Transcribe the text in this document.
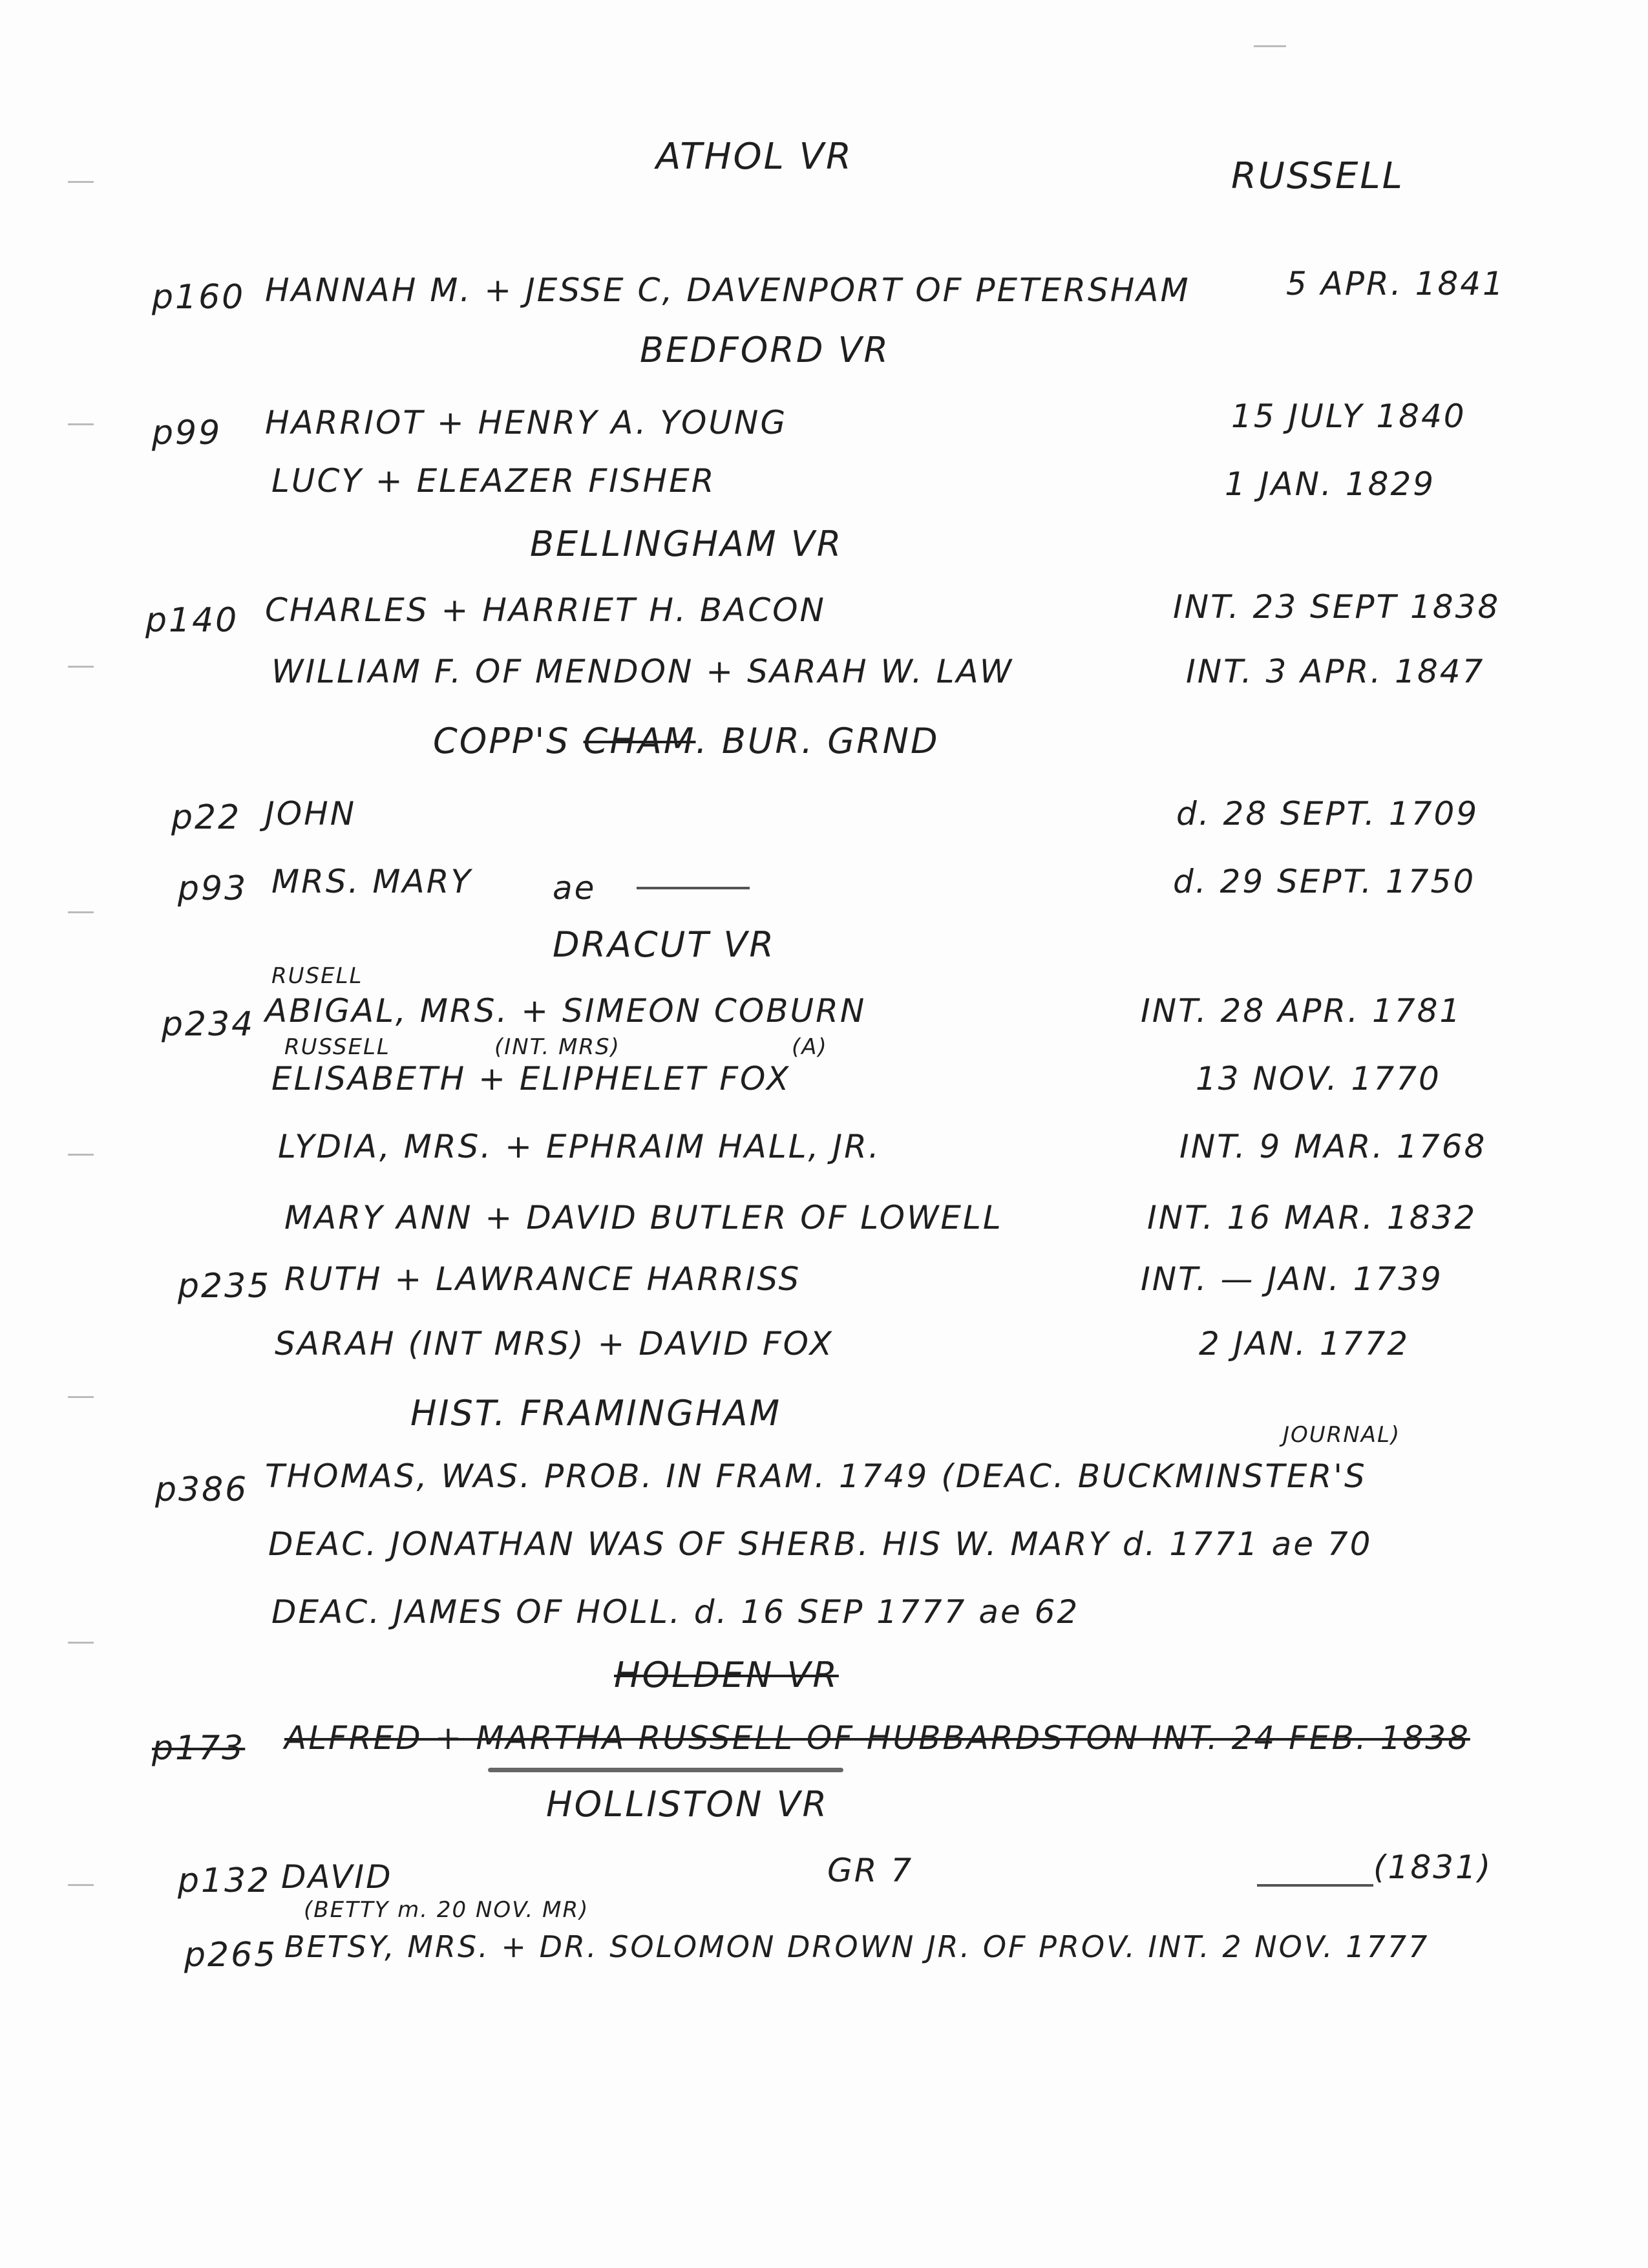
ATHOL VR	RUSSELL
p160 HANNAH M. + JESSE C, DAVENPORT OF PETERSHAM	5 APR. 1841
BEDFORD VR
p99 HARRIOT + HENRY A. YOUNG	15 JULY 1840
LUCY + ELEAZER FISHER	1 JAN. 1829
BELLINGHAM VR
p140 CHARLES + HARRIET H. BACON	INT. 23 SEPT 1838
WILLIAM F. OF MENDON + SARAH W. LAW	INT. 3 APR. 1847
COPP'S CHAM. BUR. GRND
p22 JOHN	d. 28 SEPT. 1709
p93 MRS. MARY ae	d. 29 SEPT. 1750
DRACUT VR
RUSELL
p234 ABIGAL, MRS. + SIMEON COBURN	INT. 28 APR. 1781
RUSSELL	(INT. MRS)	(A)
ELISABETH + ELIPHELET FOX	13 NOV. 1770
LYDIA, MRS. + EPHRAIM HALL, JR.	INT. 9 MAR. 1768
MARY ANN + DAVID BUTLER OF LOWELL	INT. 16 MAR. 1832
p235 RUTH + LAWRANCE HARRISS	INT. — JAN. 1739
SARAH (INT MRS) + DAVID FOX	2 JAN. 1772
HIST. FRAMINGHAM
JOURNAL)
p386 THOMAS, WAS. PROB. IN FRAM. 1749 (DEAC. BUCKMINSTER'S
DEAC. JONATHAN WAS OF SHERB. HIS W. MARY d. 1771 ae 70
DEAC. JAMES OF HOLL. d. 16 SEP 1777 ae 62
HOLDEN VR
p173 ALFRED + MARTHA RUSSELL OF HUBBARDSTON INT. 24 FEB. 1838
HOLLISTON VR
p132 DAVID	GR 7	(1831)
(BETTY m. 20 NOV. MR)
p265 BETSY, MRS. + DR. SOLOMON DROWN JR. OF PROV. INT. 2 NOV. 1777
